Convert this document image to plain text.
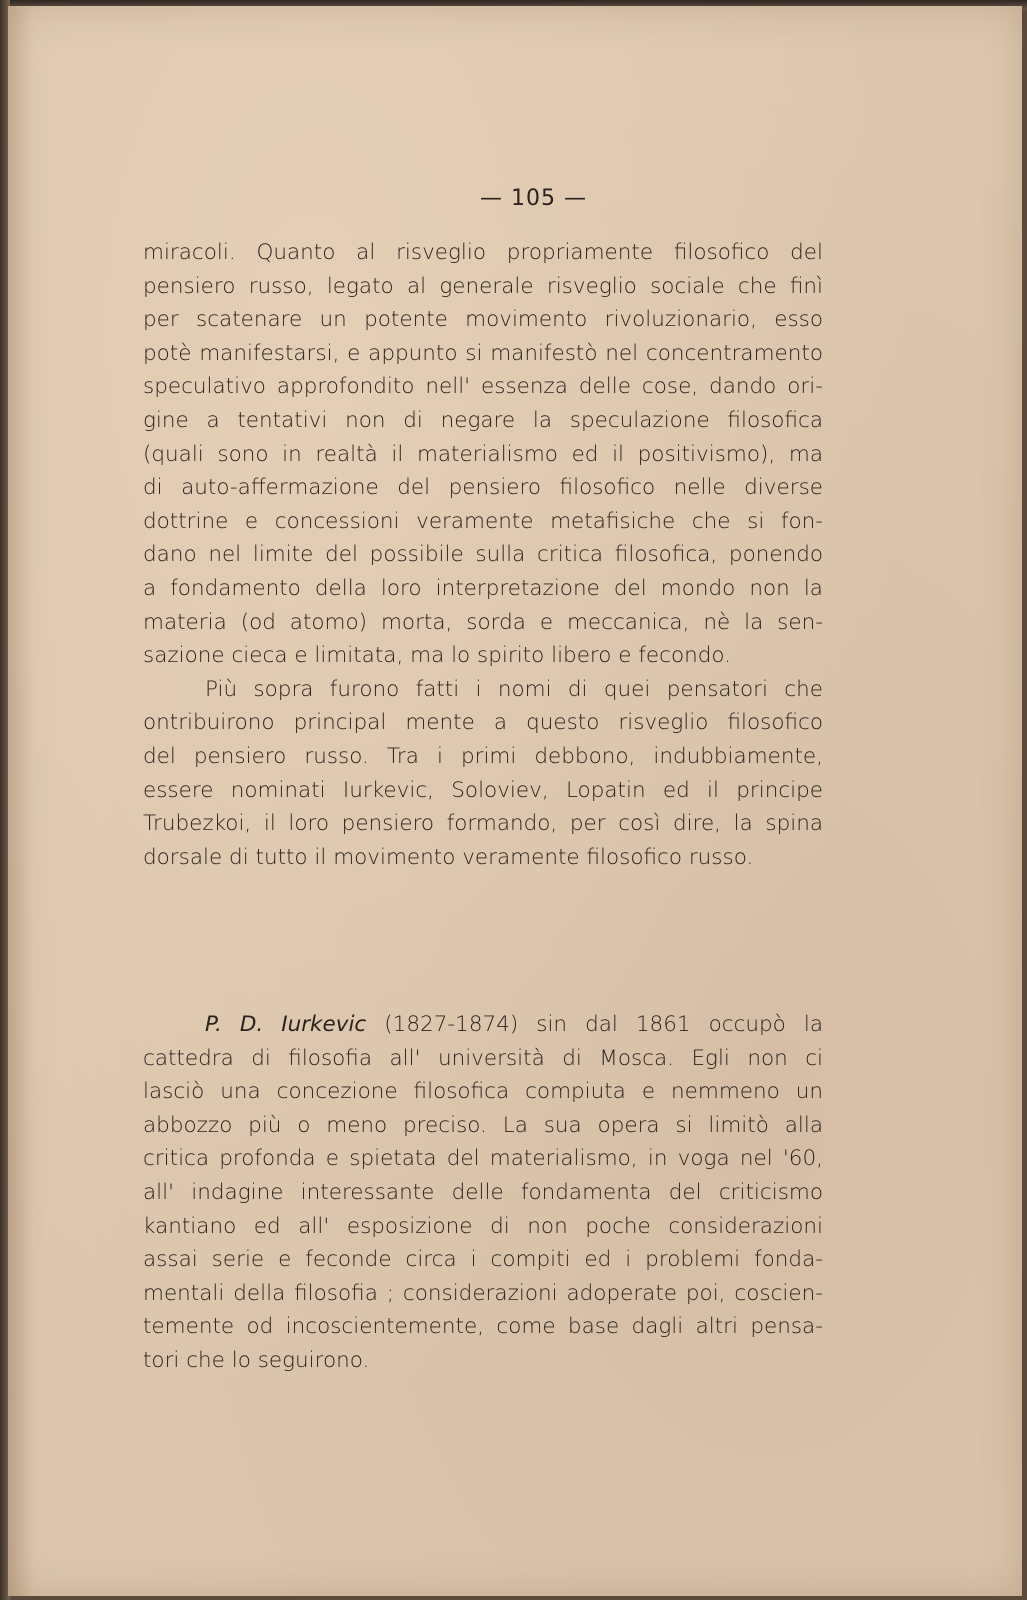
— 105 —
miracoli. Quanto al risveglio propriamente filosofico del
pensiero russo, legato al generale risveglio sociale che finì
per scatenare un potente movimento rivoluzionario, esso
potè manifestarsi, e appunto si manifestò nel concentramento
speculativo approfondito nell' essenza delle cose, dando ori-
gine a tentativi non di negare la speculazione filosofica
(quali sono in realtà il materialismo ed il positivismo), ma
di auto-affermazione del pensiero filosofico nelle diverse
dottrine e concessioni veramente metafisiche che si fon-
dano nel limite del possibile sulla critica filosofica, ponendo
a fondamento della loro interpretazione del mondo non la
materia (od atomo) morta, sorda e meccanica, nè la sen-
sazione cieca e limitata, ma lo spirito libero e fecondo.
Più sopra furono fatti i nomi di quei pensatori che
ontribuirono principal mente a questo risveglio filosofico
del pensiero russo. Tra i primi debbono, indubbiamente,
essere nominati Iurkevic, Soloviev, Lopatin ed il principe
Trubezkoi, il loro pensiero formando, per così dire, la spina
dorsale di tutto il movimento veramente filosofico russo.
P. D. Iurkevic (1827-1874) sin dal 1861 occupò la
cattedra di filosofia all' università di Mosca. Egli non ci
lasciò una concezione filosofica compiuta e nemmeno un
abbozzo più o meno preciso. La sua opera si limitò alla
critica profonda e spietata del materialismo, in voga nel '60,
all' indagine interessante delle fondamenta del criticismo
kantiano ed all' esposizione di non poche considerazioni
assai serie e feconde circa i compiti ed i problemi fonda-
mentali della filosofia ; considerazioni adoperate poi, coscien-
temente od incoscientemente, come base dagli altri pensa-
tori che lo seguirono.
